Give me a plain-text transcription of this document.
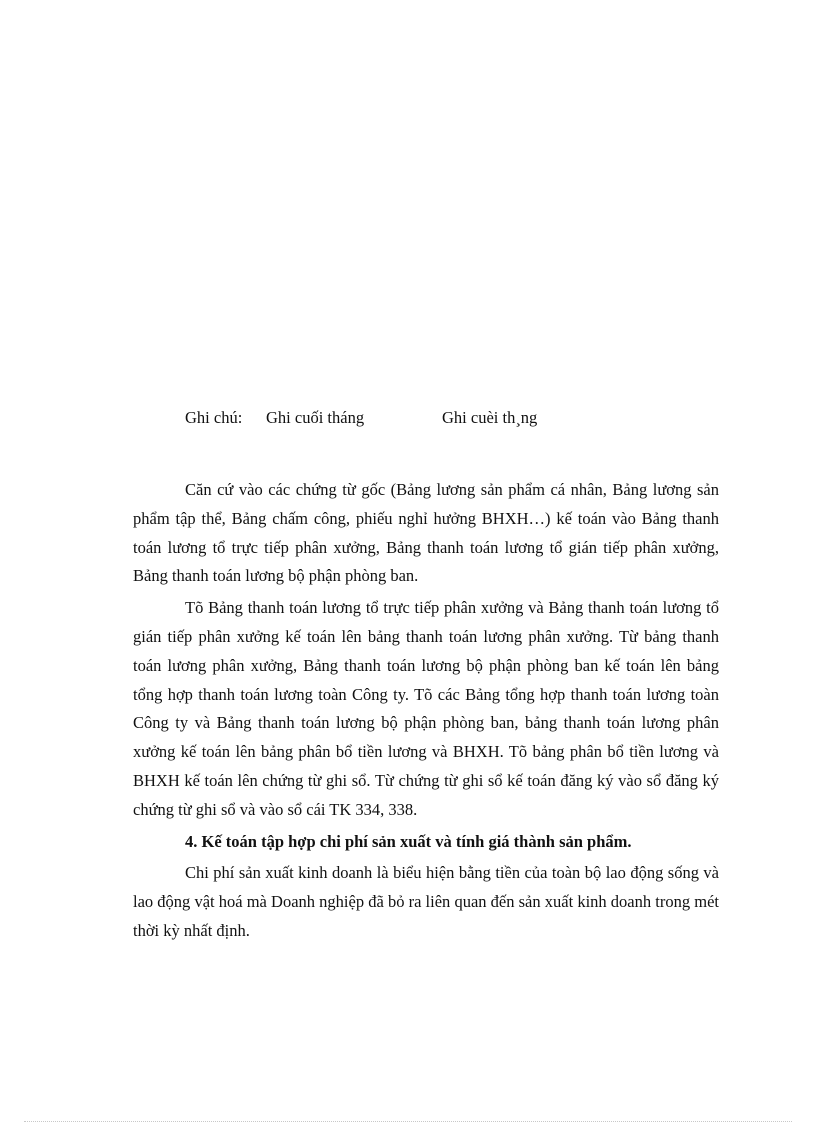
Ghi chú: Ghi cuối tháng	Ghi cuèi th¸ng

Căn cứ vào các chứng từ gốc (Bảng lương sản phẩm cá nhân, Bảng lương sản phẩm tập thể, Bảng chấm công, phiếu nghỉ hưởng BHXH…) kế toán vào Bảng thanh toán lương tổ trực tiếp phân xưởng, Bảng thanh toán lương tổ gián tiếp phân xưởng, Bảng thanh toán lương bộ phận phòng ban.

Tõ Bảng thanh toán lương tổ trực tiếp phân xưởng và Bảng thanh toán lương tổ gián tiếp phân xưởng kế toán lên bảng thanh toán lương phân xưởng. Từ bảng thanh toán lương phân xưởng, Bảng thanh toán lương bộ phận phòng ban kế toán lên bảng tổng hợp thanh toán lương toàn Công ty. Tõ các Bảng tổng hợp thanh toán lương toàn Công ty và Bảng thanh toán lương bộ phận phòng ban, bảng thanh toán lương phân xưởng kế toán lên bảng phân bổ tiền lương và BHXH. Tõ bảng phân bổ tiền lương và BHXH kế toán lên chứng từ ghi sổ. Từ chứng từ ghi sổ kế toán đăng ký vào sổ đăng ký chứng từ ghi sổ và vào sổ cái TK 334, 338.

4. Kế toán tập hợp chi phí sản xuất và tính giá thành sản phẩm.

Chi phí sản xuất kinh doanh là biểu hiện bằng tiền của toàn bộ lao động sống và lao động vật hoá mà Doanh nghiệp đã bỏ ra liên quan đến sản xuất kinh doanh trong mét thời kỳ nhất định.
